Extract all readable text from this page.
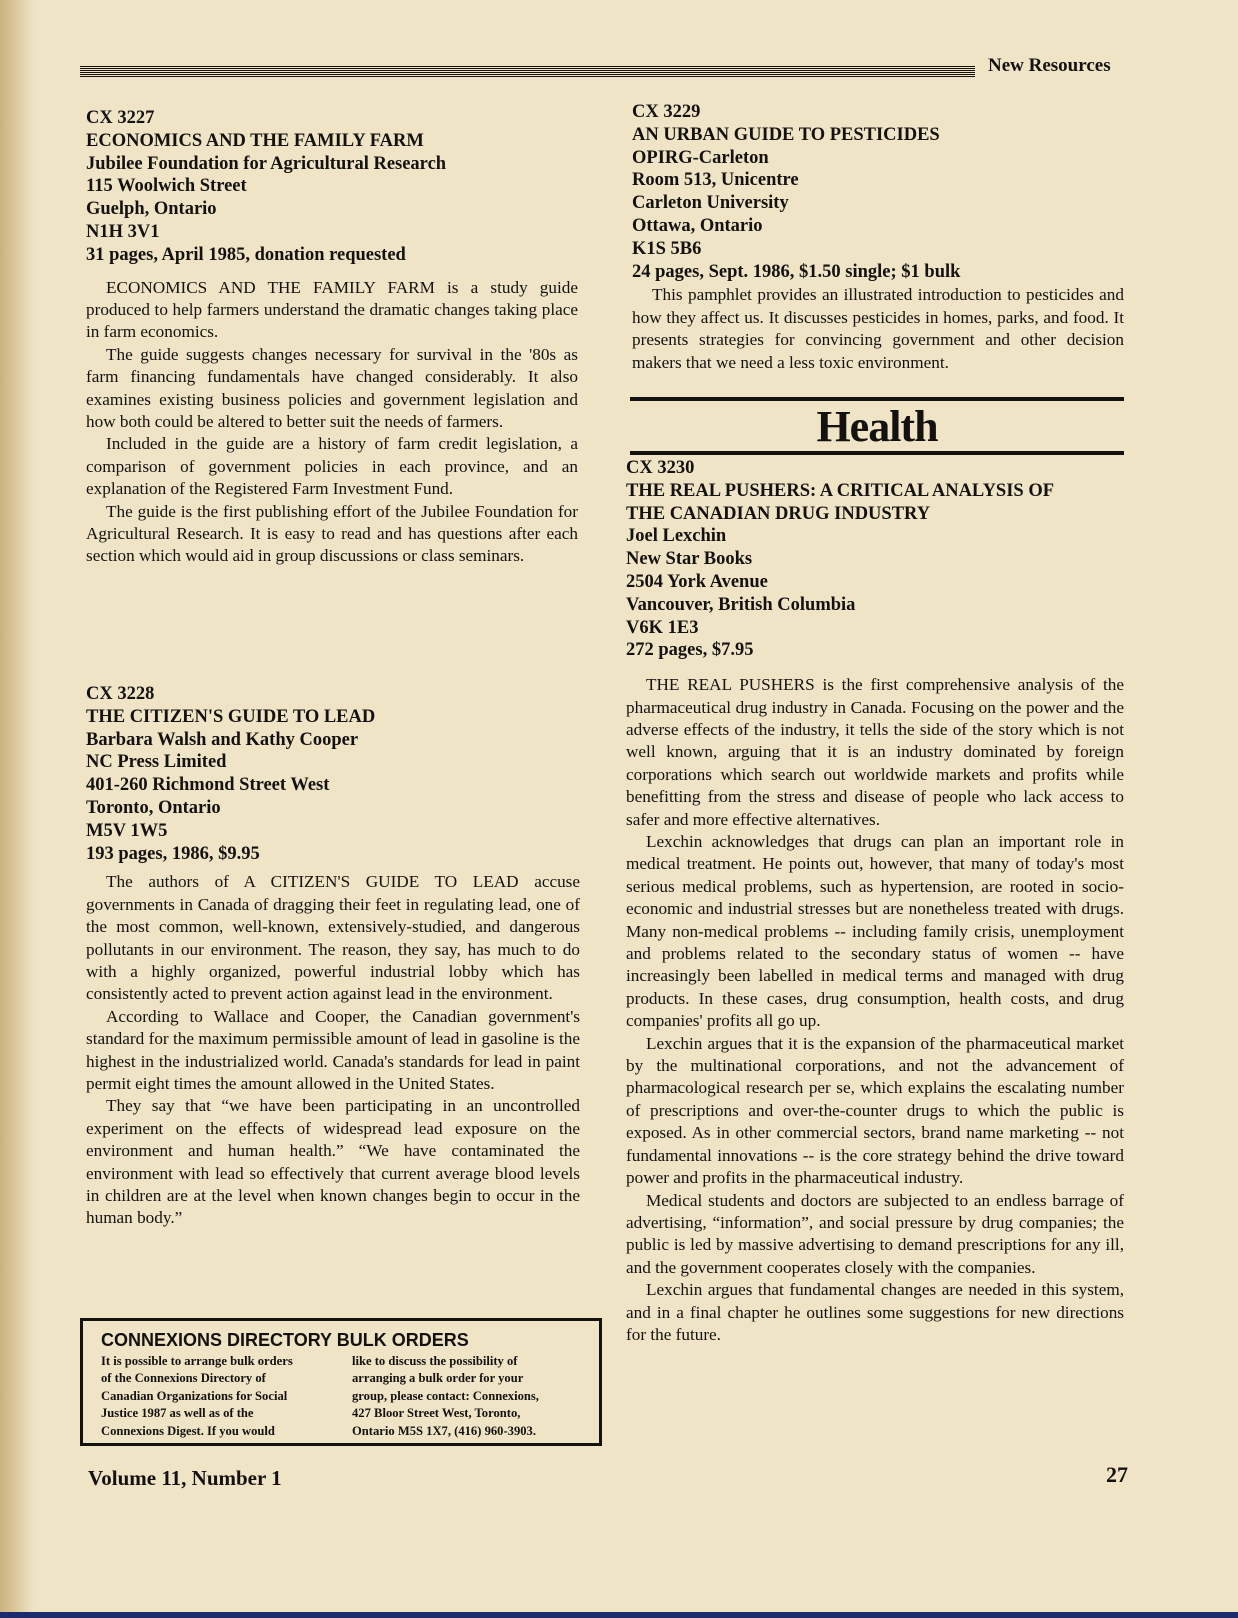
New Resources
CX 3227
ECONOMICS AND THE FAMILY FARM
Jubilee Foundation for Agricultural Research
115 Woolwich Street
Guelph, Ontario
N1H 3V1
31 pages, April 1985, donation requested

ECONOMICS AND THE FAMILY FARM is a study guide produced to help farmers understand the dramatic changes taking place in farm economics.

The guide suggests changes necessary for survival in the '80s as farm financing fundamentals have changed considerably. It also examines existing business policies and government legislation and how both could be altered to better suit the needs of farmers.

Included in the guide are a history of farm credit legislation, a comparison of government policies in each province, and an explanation of the Registered Farm Investment Fund.

The guide is the first publishing effort of the Jubilee Foundation for Agricultural Research. It is easy to read and has questions after each section which would aid in group discussions or class seminars.

CX 3228
THE CITIZEN'S GUIDE TO LEAD
Barbara Walsh and Kathy Cooper
NC Press Limited
401-260 Richmond Street West
Toronto, Ontario
M5V 1W5
193 pages, 1986, $9.95

The authors of A CITIZEN'S GUIDE TO LEAD accuse governments in Canada of dragging their feet in regulating lead, one of the most common, well-known, extensively-studied, and dangerous pollutants in our environment. The reason, they say, has much to do with a highly organized, powerful industrial lobby which has consistently acted to prevent action against lead in the environment.

According to Wallace and Cooper, the Canadian government's standard for the maximum permissible amount of lead in gasoline is the highest in the industrialized world. Canada's standards for lead in paint permit eight times the amount allowed in the United States.

They say that “we have been participating in an uncontrolled experiment on the effects of widespread lead exposure on the environment and human health.” “We have contaminated the environment with lead so effectively that current average blood levels in children are at the level when known changes begin to occur in the human body.”

CONNEXIONS DIRECTORY BULK ORDERS
It is possible to arrange bulk orders
of the Connexions Directory of
Canadian Organizations for Social
Justice 1987 as well as of the
Connexions Digest. If you would
like to discuss the possibility of
arranging a bulk order for your
group, please contact: Connexions,
427 Bloor Street West, Toronto,
Ontario M5S 1X7, (416) 960-3903.
CX 3229
AN URBAN GUIDE TO PESTICIDES
OPIRG-Carleton
Room 513, Unicentre
Carleton University
Ottawa, Ontario
K1S 5B6
24 pages, Sept. 1986, $1.50 single; $1 bulk

This pamphlet provides an illustrated introduction to pesticides and how they affect us. It discusses pesticides in homes, parks, and food. It presents strategies for convincing government and other decision makers that we need a less toxic environment.

Health
CX 3230
THE REAL PUSHERS: A CRITICAL ANALYSIS OF
THE CANADIAN DRUG INDUSTRY
Joel Lexchin
New Star Books
2504 York Avenue
Vancouver, British Columbia
V6K 1E3
272 pages, $7.95

THE REAL PUSHERS is the first comprehensive analysis of the pharmaceutical drug industry in Canada. Focusing on the power and the adverse effects of the industry, it tells the side of the story which is not well known, arguing that it is an industry dominated by foreign corporations which search out worldwide markets and profits while benefitting from the stress and disease of people who lack access to safer and more effective alternatives.

Lexchin acknowledges that drugs can plan an important role in medical treatment. He points out, however, that many of today's most serious medical problems, such as hypertension, are rooted in socio-economic and industrial stresses but are nonetheless treated with drugs. Many non-medical problems -- including family crisis, unemployment and problems related to the secondary status of women -- have increasingly been labelled in medical terms and managed with drug products. In these cases, drug consumption, health costs, and drug companies' profits all go up.

Lexchin argues that it is the expansion of the pharmaceutical market by the multinational corporations, and not the advancement of pharmacological research per se, which explains the escalating number of prescriptions and over-the-counter drugs to which the public is exposed. As in other commercial sectors, brand name marketing -- not fundamental innovations -- is the core strategy behind the drive toward power and profits in the pharmaceutical industry.

Medical students and doctors are subjected to an endless barrage of advertising, “information”, and social pressure by drug companies; the public is led by massive advertising to demand prescriptions for any ill, and the government cooperates closely with the companies.

Lexchin argues that fundamental changes are needed in this system, and in a final chapter he outlines some suggestions for new directions for the future.

Volume 11, Number 1	27
